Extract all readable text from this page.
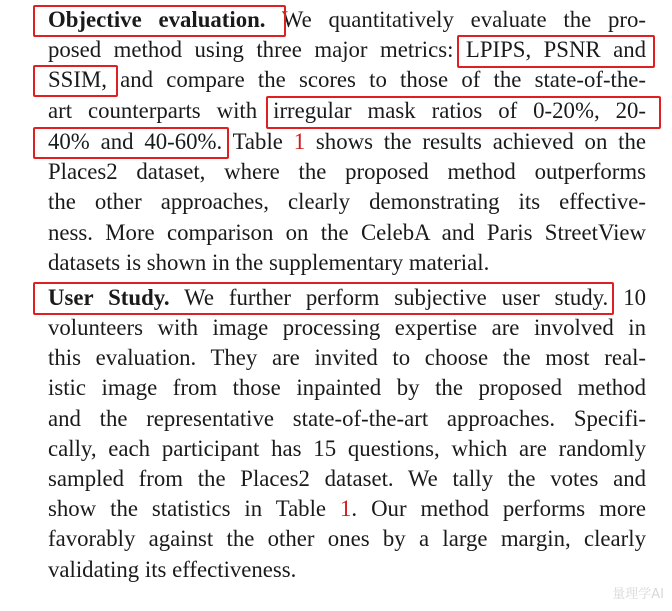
Objective evaluation. We quantitatively evaluate the pro-
posed method using three major metrics: LPIPS, PSNR and
SSIM, and compare the scores to those of the state-of-the-
art counterparts with irregular mask ratios of 0-20%, 20-
40% and 40-60%. Table 1 shows the results achieved on the
Places2 dataset, where the proposed method outperforms
the other approaches, clearly demonstrating its effective-
ness. More comparison on the CelebA and Paris StreetView
datasets is shown in the supplementary material.
User Study. We further perform subjective user study. 10
volunteers with image processing expertise are involved in
this evaluation. They are invited to choose the most real-
istic image from those inpainted by the proposed method
and the representative state-of-the-art approaches. Specifi-
cally, each participant has 15 questions, which are randomly
sampled from the Places2 dataset. We tally the votes and
show the statistics in Table 1. Our method performs more
favorably against the other ones by a large margin, clearly
validating its effectiveness.
量理学AI
